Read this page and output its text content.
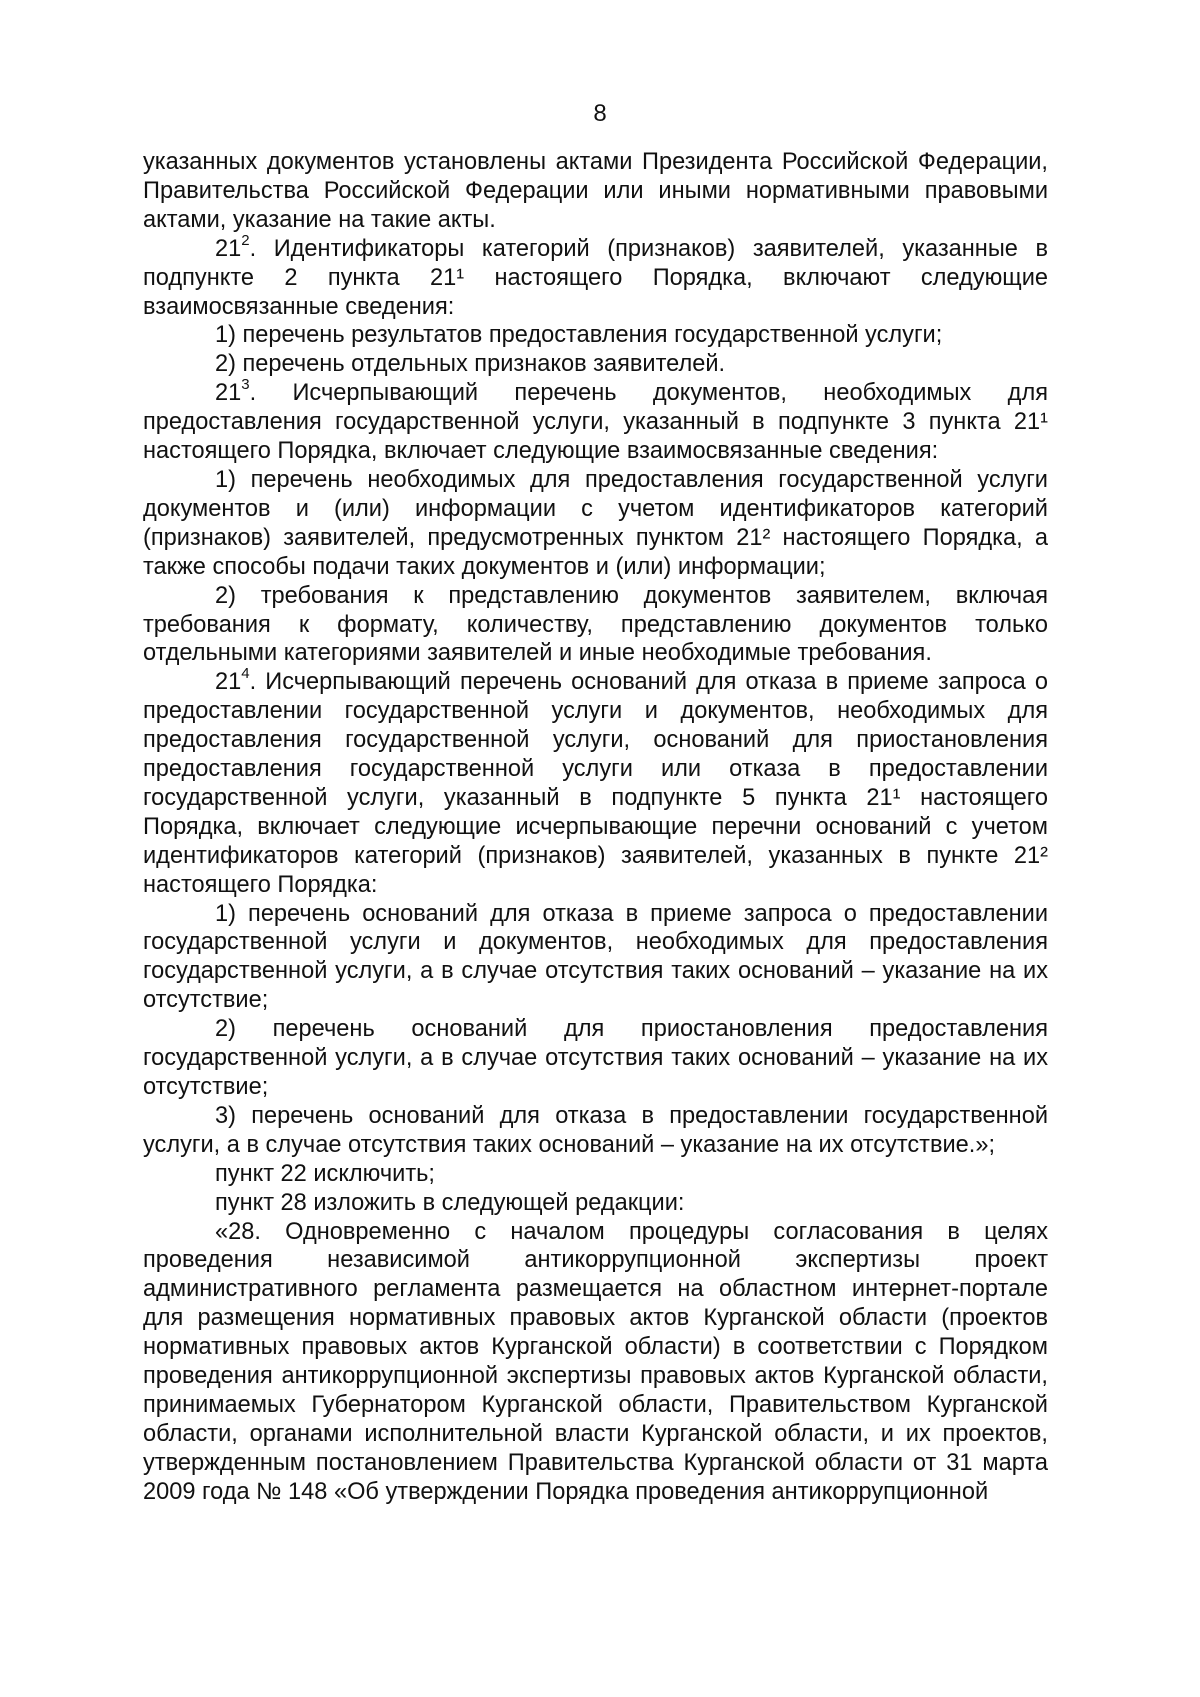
8

указанных документов установлены актами Президента Российской Федерации, Правительства Российской Федерации или иными нормативными правовыми актами, указание на такие акты.

$21^2$. Идентификаторы категорий (признаков) заявителей, указанные в подпункте 2 пункта 21¹ настоящего Порядка, включают следующие взаимосвязанные сведения:

1) перечень результатов предоставления государственной услуги;

2) перечень отдельных признаков заявителей.

$21^3$. Исчерпывающий перечень документов, необходимых для предоставления государственной услуги, указанный в подпункте 3 пункта 21¹ настоящего Порядка, включает следующие взаимосвязанные сведения:

1) перечень необходимых для предоставления государственной услуги документов и (или) информации с учетом идентификаторов категорий (признаков) заявителей, предусмотренных пунктом 21² настоящего Порядка, а также способы подачи таких документов и (или) информации;

2) требования к представлению документов заявителем, включая требования к формату, количеству, представлению документов только отдельными категориями заявителей и иные необходимые требования.

$21^4$. Исчерпывающий перечень оснований для отказа в приеме запроса о предоставлении государственной услуги и документов, необходимых для предоставления государственной услуги, оснований для приостановления предоставления государственной услуги или отказа в предоставлении государственной услуги, указанный в подпункте 5 пункта 21¹ настоящего Порядка, включает следующие исчерпывающие перечни оснований с учетом идентификаторов категорий (признаков) заявителей, указанных в пункте 21² настоящего Порядка:

1) перечень оснований для отказа в приеме запроса о предоставлении государственной услуги и документов, необходимых для предоставления государственной услуги, а в случае отсутствия таких оснований – указание на их отсутствие;

2) перечень оснований для приостановления предоставления государственной услуги, а в случае отсутствия таких оснований – указание на их отсутствие;

3) перечень оснований для отказа в предоставлении государственной услуги, а в случае отсутствия таких оснований – указание на их отсутствие.»;

пункт 22 исключить;

пункт 28 изложить в следующей редакции:

«28. Одновременно с началом процедуры согласования в целях проведения независимой антикоррупционной экспертизы проект административного регламента размещается на областном интернет-портале для размещения нормативных правовых актов Курганской области (проектов нормативных правовых актов Курганской области) в соответствии с Порядком проведения антикоррупционной экспертизы правовых актов Курганской области, принимаемых Губернатором Курганской области, Правительством Курганской области, органами исполнительной власти Курганской области, и их проектов, утвержденным постановлением Правительства Курганской области от 31 марта 2009 года № 148 «Об утверждении Порядка проведения антикоррупционной
